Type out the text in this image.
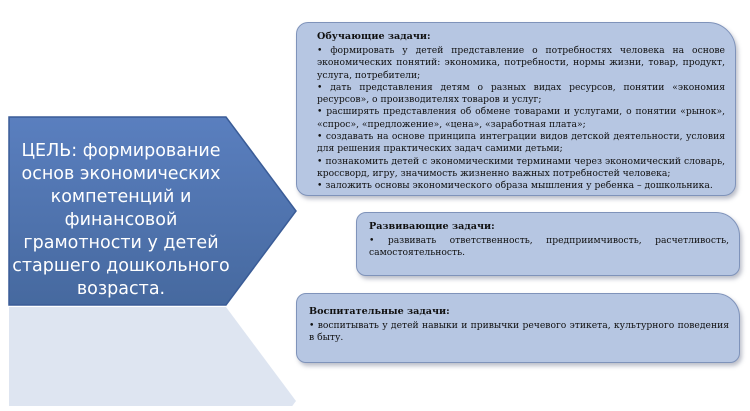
ЦЕЛЬ: формирование основ экономических компетенций и финансовой грамотности у детей старшего дошкольного возраста.
Обучающие задачи:
• формировать у детей представление о потребностях человека на основе экономических понятий: экономика, потребности, нормы жизни, товар, продукт, услуга, потребители;
• дать представления детям о разных видах ресурсов, понятии «экономия ресурсов», о производителях товаров и услуг;
• расширять представления об обмене товарами и услугами, о понятии «рынок», «спрос», «предложение», «цена», «заработная плата»;
• создавать на основе принципа интеграции видов детской деятельности, условия для решения практических задач самими детьми;
• познакомить детей с экономическими терминами через экономический словарь, кроссворд, игру, значимость жизненно важных потребностей человека;
• заложить основы экономического образа мышления у ребенка – дошкольника.
Развивающие задачи:
• развивать ответственность, предприимчивость, расчетливость, самостоятельность.
Воспитательные задачи:
• воспитывать у детей навыки и привычки речевого этикета, культурного поведения в быту.
